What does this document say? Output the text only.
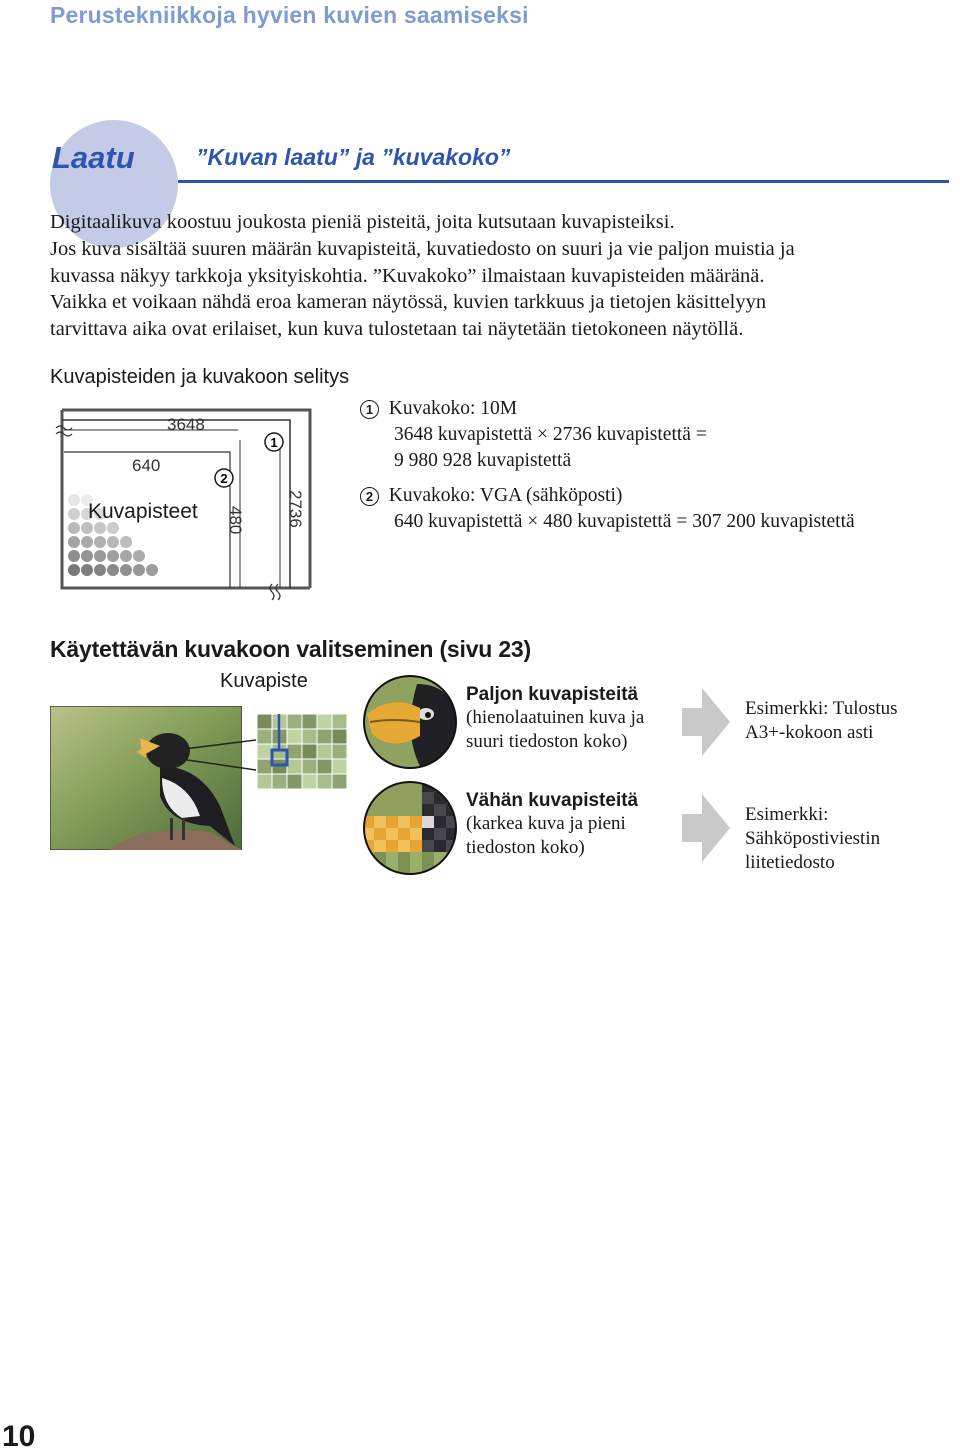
Perustekniikkoja hyvien kuvien saamiseksi
Laatu	”Kuvan laatu” ja ”kuvakoko”

Digitaalikuva koostuu joukosta pieniä pisteitä, joita kutsutaan kuvapisteiksi.

Jos kuva sisältää suuren määrän kuvapisteitä, kuvatiedosto on suuri ja vie paljon muistia ja

kuvassa näkyy tarkkoja yksityiskohtia. ”Kuvakoko” ilmaistaan kuvapisteiden määränä.

Vaikka et voikaan nähdä eroa kameran näytössä, kuvien tarkkuus ja tietojen käsittelyyn

tarvittava aika ovat erilaiset, kun kuva tulostetaan tai näytetään tietokoneen näytöllä.

Kuvapisteiden ja kuvakoon selitys
3648
640
Kuvapisteet 480 2736
2
1
1 Kuvakoko: 10M
3648 kuvapistettä × 2736 kuvapistettä =
9 980 928 kuvapistettä
2 Kuvakoko: VGA (sähköposti)
640 kuvapistettä × 480 kuvapistettä = 307 200 kuvapistettä
Käytettävän kuvakoon valitseminen (sivu 23)
Kuvapiste
Paljon kuvapisteitä
(hienolaatuinen kuva ja
suuri tiedoston koko)
Vähän kuvapisteitä
(karkea kuva ja pieni
tiedoston koko)
Esimerkki: Tulostus
A3+-kokoon asti
Esimerkki:
Sähköpostiviestin
liitetiedosto
10
